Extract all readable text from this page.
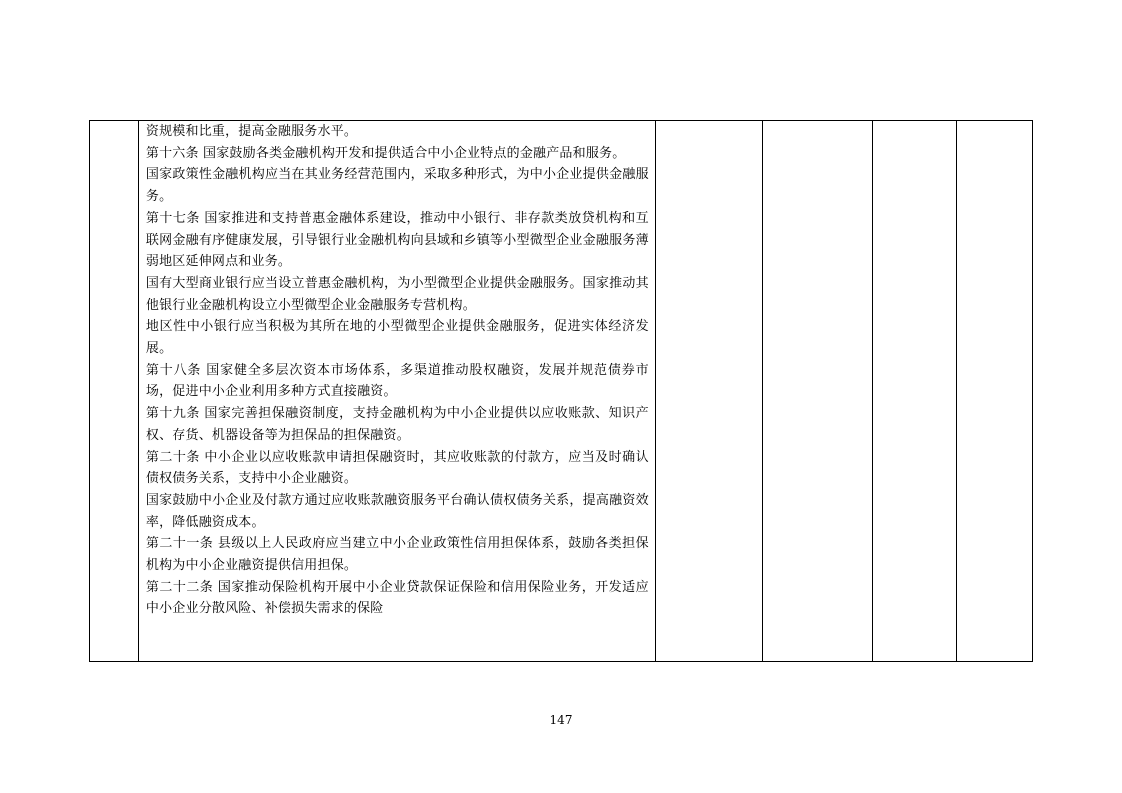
资规模和比重，提高金融服务水平。

第十六条 国家鼓励各类金融机构开发和提供适合中小企业特点的金融产品和服务。

国家政策性金融机构应当在其业务经营范围内，采取多种形式，为中小企业提供金融服务。

第十七条 国家推进和支持普惠金融体系建设，推动中小银行、非存款类放贷机构和互联网金融有序健康发展，引导银行业金融机构向县域和乡镇等小型微型企业金融服务薄弱地区延伸网点和业务。

国有大型商业银行应当设立普惠金融机构，为小型微型企业提供金融服务。国家推动其他银行业金融机构设立小型微型企业金融服务专营机构。

地区性中小银行应当积极为其所在地的小型微型企业提供金融服务，促进实体经济发展。

第十八条 国家健全多层次资本市场体系，多渠道推动股权融资，发展并规范债券市场，促进中小企业利用多种方式直接融资。

第十九条 国家完善担保融资制度，支持金融机构为中小企业提供以应收账款、知识产权、存货、机器设备等为担保品的担保融资。

第二十条 中小企业以应收账款申请担保融资时，其应收账款的付款方，应当及时确认债权债务关系，支持中小企业融资。

国家鼓励中小企业及付款方通过应收账款融资服务平台确认债权债务关系，提高融资效率，降低融资成本。

第二十一条 县级以上人民政府应当建立中小企业政策性信用担保体系，鼓励各类担保机构为中小企业融资提供信用担保。

第二十二条 国家推动保险机构开展中小企业贷款保证保险和信用保险业务，开发适应中小企业分散风险、补偿损失需求的保险

147
